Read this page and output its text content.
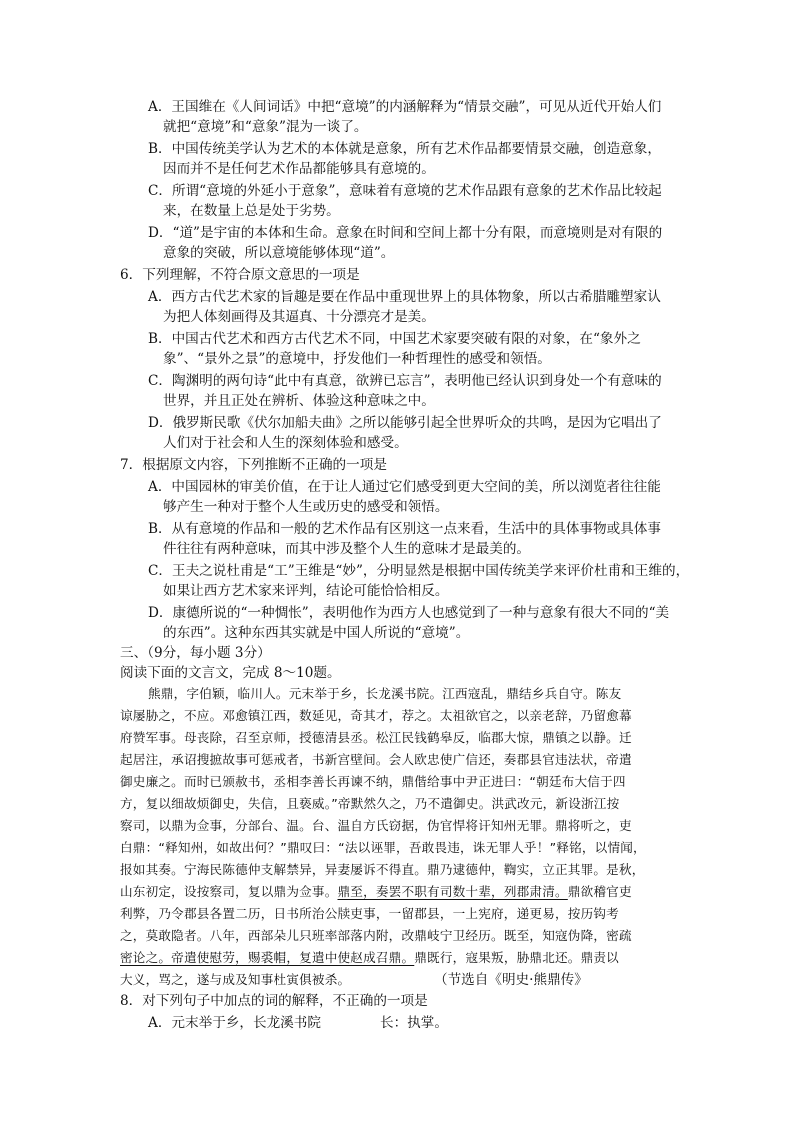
A．王国维在《人间词话》中把“意境”的内涵解释为“情景交融”，可见从近代开始人们
就把“意境”和“意象”混为一谈了。
B．中国传统美学认为艺术的本体就是意象，所有艺术作品都要情景交融，创造意象，
因而并不是任何艺术作品都能够具有意境的。
C．所谓“意境的外延小于意象”，意味着有意境的艺术作品跟有意象的艺术作品比较起
来，在数量上总是处于劣势。
D．“道”是宇宙的本体和生命。意象在时间和空间上都十分有限，而意境则是对有限的
意象的突破，所以意境能够体现“道”。
6．下列理解，不符合原文意思的一项是
A．西方古代艺术家的旨趣是要在作品中重现世界上的具体物象，所以古希腊雕塑家认
为把人体刻画得及其逼真、十分漂亮才是美。
B．中国古代艺术和西方古代艺术不同，中国艺术家要突破有限的对象，在“象外之
象”、“景外之景”的意境中，抒发他们一种哲理性的感受和领悟。
C．陶渊明的两句诗“此中有真意，欲辨已忘言”，表明他已经认识到身处一个有意味的
世界，并且正处在辨析、体验这种意味之中。
D．俄罗斯民歌《伏尔加船夫曲》之所以能够引起全世界听众的共鸣，是因为它唱出了
人们对于社会和人生的深刻体验和感受。
7．根据原文内容，下列推断不正确的一项是
A．中国园林的审美价值，在于让人通过它们感受到更大空间的美，所以浏览者往往能
够产生一种对于整个人生或历史的感受和领悟。
B．从有意境的作品和一般的艺术作品有区别这一点来看，生活中的具体事物或具体事
件往往有两种意味，而其中涉及整个人生的意味才是最美的。
C．王夫之说杜甫是“工”王维是“妙”，分明显然是根据中国传统美学来评价杜甫和王维的，
如果让西方艺术家来评判，结论可能恰恰相反。
D．康德所说的“一种惆怅”，表明他作为西方人也感觉到了一种与意象有很大不同的“美
的东西”。这种东西其实就是中国人所说的“意境”。
三、（9分，每小题 3分）
阅读下面的文言文，完成 8～10题。
熊鼎，字伯颖，临川人。元末举于乡，长龙溪书院。江西寇乱，鼎结乡兵自守。陈友
谅屡胁之，不应。邓愈镇江西，数延见，奇其才，荐之。太祖欲官之，以亲老辞，乃留愈幕
府赞军事。母丧除，召至京师，授德清县丞。松江民钱鹤皋反，临郡大惊，鼎镇之以静。迁
起居注，承诏搜摭故事可惩戒者，书新宫壁间。会人欧忠使广信还，奏郡县官违法状，帝遣
御史廉之。而时已颁赦书，丞相李善长再谏不纳，鼎偕给事中尹正进曰：“朝廷布大信于四
方，复以细故烦御史，失信，且亵威。”帝默然久之，乃不遣御史。洪武改元，新设浙江按
察司，以鼎为佥事，分部台、温。台、温自方氏窃据，伪官悍将讦知州无罪。鼎将听之，吏
白鼎：“释知州，如故出何？”鼎叹曰：“法以诬罪，吾敢畏违，诛无罪人乎！”释铭，以情闻，
报如其奏。宁海民陈德仲支解禁异，异妻屡诉不得直。鼎乃逮德仲，鞫实，立正其罪。是秋，
山东初定，设按察司，复以鼎为佥事。鼎至，奏罢不职有司数十辈，列郡肃清。鼎欲稽官吏
利弊，乃令郡县各置二历，日书所治公牍吏事，一留郡县，一上宪府，递更易，按历钩考
之，莫敢隐者。八年，西部朵儿只班率部落内附，改鼎岐宁卫经历。既至，知寇伪降，密疏
密论之。帝遣使慰劳，赐裘帽，复遣中使赵成召鼎。鼎既行，寇果叛，胁鼎北还。鼎责以
大义，骂之，遂与成及知事杜寅俱被杀。	（节选自《明史·熊鼎传》
8．对下列句子中加点的词的解释，不正确的一项是
A．元末举于乡，长龙溪书院	长：执掌。
